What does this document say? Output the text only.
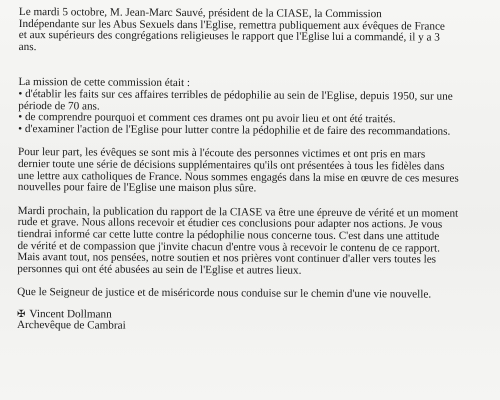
Le mardi 5 octobre, M. Jean-Marc Sauvé, président de la CIASE, la Commission
Indépendante sur les Abus Sexuels dans l'Eglise, remettra publiquement aux évêques de France
et aux supérieurs des congrégations religieuses le rapport que l'Eglise lui a commandé, il y a 3
ans.

La mission de cette commission était :
• d'établir les faits sur ces affaires terribles de pédophilie au sein de l'Eglise, depuis 1950, sur une
période de 70 ans.
• de comprendre pourquoi et comment ces drames ont pu avoir lieu et ont été traités.
• d'examiner l'action de l'Eglise pour lutter contre la pédophilie et de faire des recommandations.
Pour leur part, les évêques se sont mis à l'écoute des personnes victimes et ont pris en mars
dernier toute une série de décisions supplémentaires qu'ils ont présentées à tous les fidèles dans
une lettre aux catholiques de France. Nous sommes engagés dans la mise en œuvre de ces mesures
nouvelles pour faire de l'Eglise une maison plus sûre.
Mardi prochain, la publication du rapport de la CIASE va être une épreuve de vérité et un moment
rude et grave. Nous allons recevoir et étudier ces conclusions pour adapter nos actions. Je vous
tiendrai informé car cette lutte contre la pédophilie nous concerne tous. C'est dans une attitude
de vérité et de compassion que j'invite chacun d'entre vous à recevoir le contenu de ce rapport.
Mais avant tout, nos pensées, notre soutien et nos prières vont continuer d'aller vers toutes les
personnes qui ont été abusées au sein de l'Eglise et autres lieux.
Que le Seigneur de justice et de miséricorde nous conduise sur le chemin d'une vie nouvelle.
✠ Vincent Dollmann
Archevêque de Cambrai
